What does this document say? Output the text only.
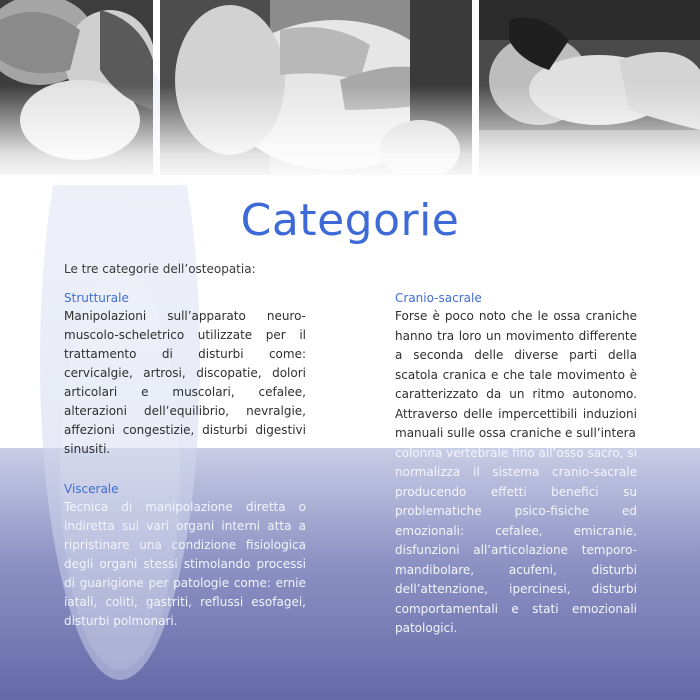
Categorie
Le tre categorie dell’osteopatia:
Strutturale
Manipolazioni sull’apparato neuro-muscolo-scheletrico utilizzate per il trattamento di disturbi come: cervicalgie, artrosi, discopatie, dolori articolari e muscolari, cefalee, alterazioni dell’equilibrio, nevralgie, affezioni congestizie, disturbi digestivi sinusiti.
Viscerale
Tecnica di manipolazione diretta o indiretta sui vari organi interni atta a ripristinare una condizione fisiologica degli organi stessi stimolando processi di guarigione per patologie come: ernie iatali, coliti, gastriti, reflussi esofagei, disturbi polmonari.
Cranio-sacrale
Forse è poco noto che le ossa craniche hanno tra loro un movimento differente a seconda delle diverse parti della scatola cranica e che tale movimento è caratterizzato da un ritmo autonomo. Attraverso delle impercettibili induzioni manuali sulle ossa craniche e sull’intera
colonna vertebrale fino all’osso sacro, si normalizza il sistema cranio-sacrale producendo effetti benefici su problematiche psico-fisiche ed emozionali: cefalee, emicranie, disfunzioni all’articolazione temporo-mandibolare, acufeni, disturbi dell’attenzione, ipercinesi, disturbi comportamentali e stati emozionali patologici.
